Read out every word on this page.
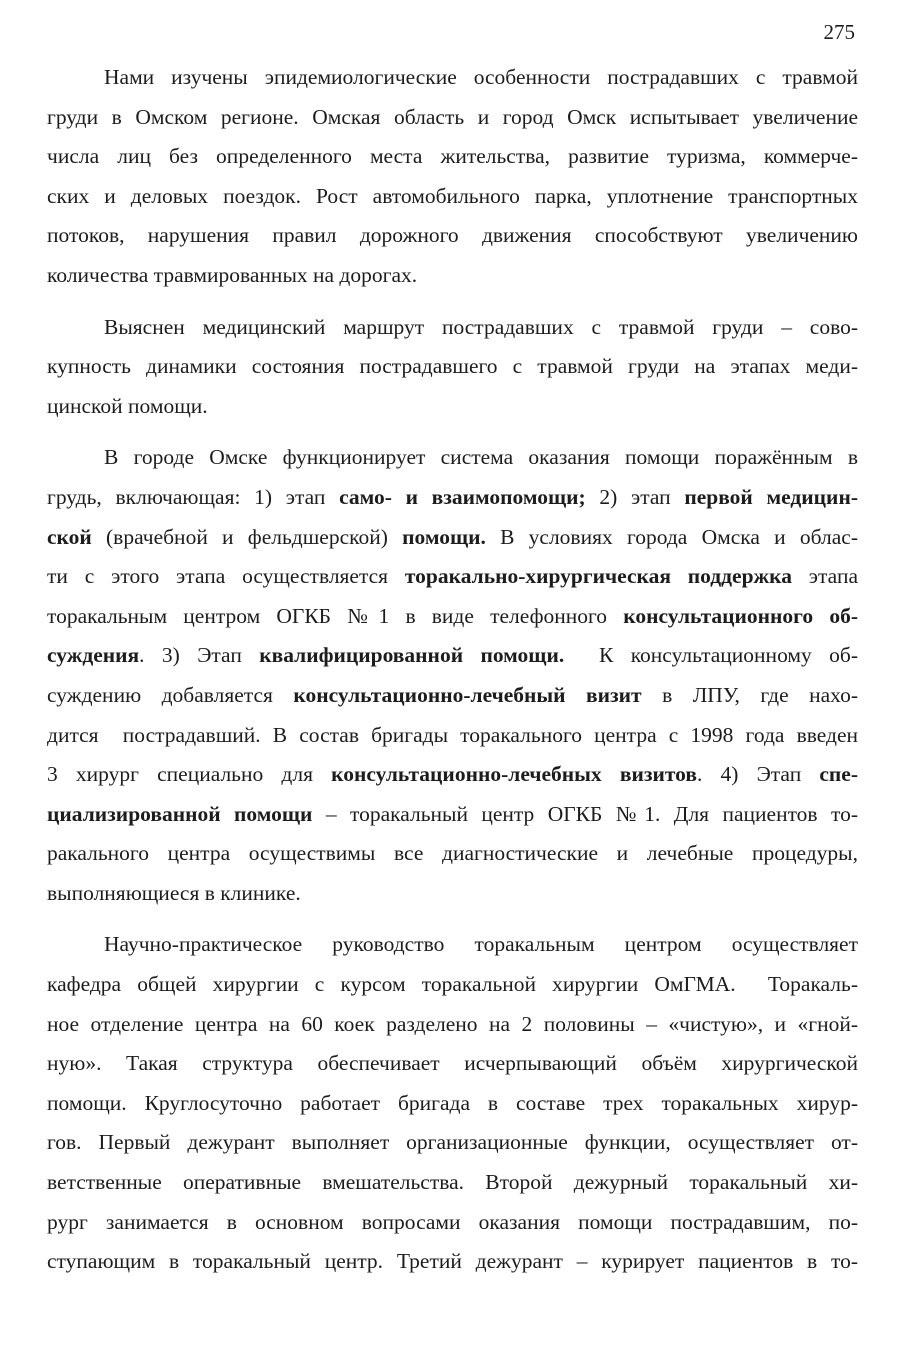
275
Нами изучены эпидемиологические особенности пострадавших с травмой
груди в Омском регионе. Омская область и город Омск испытывает увеличение
числа лиц без определенного места жительства, развитие туризма, коммерче-
ских и деловых поездок. Рост автомобильного парка, уплотнение транспортных
потоков, нарушения правил дорожного движения способствуют увеличению
количества травмированных на дорогах.
Выяснен медицинский маршрут пострадавших с травмой груди – сово-
купность динамики состояния пострадавшего с травмой груди на этапах меди-
цинской помощи.
В городе Омске функционирует система оказания помощи поражённым в
грудь, включающая: 1) этап само- и взаимопомощи; 2) этап первой медицин-
ской (врачебной и фельдшерской) помощи. В условиях города Омска и облас-
ти с этого этапа осуществляется торакально-хирургическая поддержка этапа
торакальным центром ОГКБ №1 в виде телефонного консультационного об-
суждения. 3) Этап квалифицированной помощи.  К консультационному об-
суждению добавляется консультационно-лечебный визит в ЛПУ, где нахо-
дится  пострадавший. В состав бригады торакального центра с 1998 года введен
3 хирург специально для консультационно-лечебных визитов. 4) Этап спе-
циализированной помощи – торакальный центр ОГКБ №1. Для пациентов то-
ракального центра осуществимы все диагностические и лечебные процедуры,
выполняющиеся в клинике.
Научно-практическое руководство торакальным центром осуществляет
кафедра общей хирургии с курсом торакальной хирургии ОмГМА.  Торакаль-
ное отделение центра на 60 коек разделено на 2 половины – «чистую», и «гной-
ную». Такая структура обеспечивает исчерпывающий объём хирургической
помощи. Круглосуточно работает бригада в составе трех торакальных хирур-
гов. Первый дежурант выполняет организационные функции, осуществляет от-
ветственные оперативные вмешательства. Второй дежурный торакальный хи-
рург занимается в основном вопросами оказания помощи пострадавшим, по-
ступающим в торакальный центр. Третий дежурант – курирует пациентов в то-
